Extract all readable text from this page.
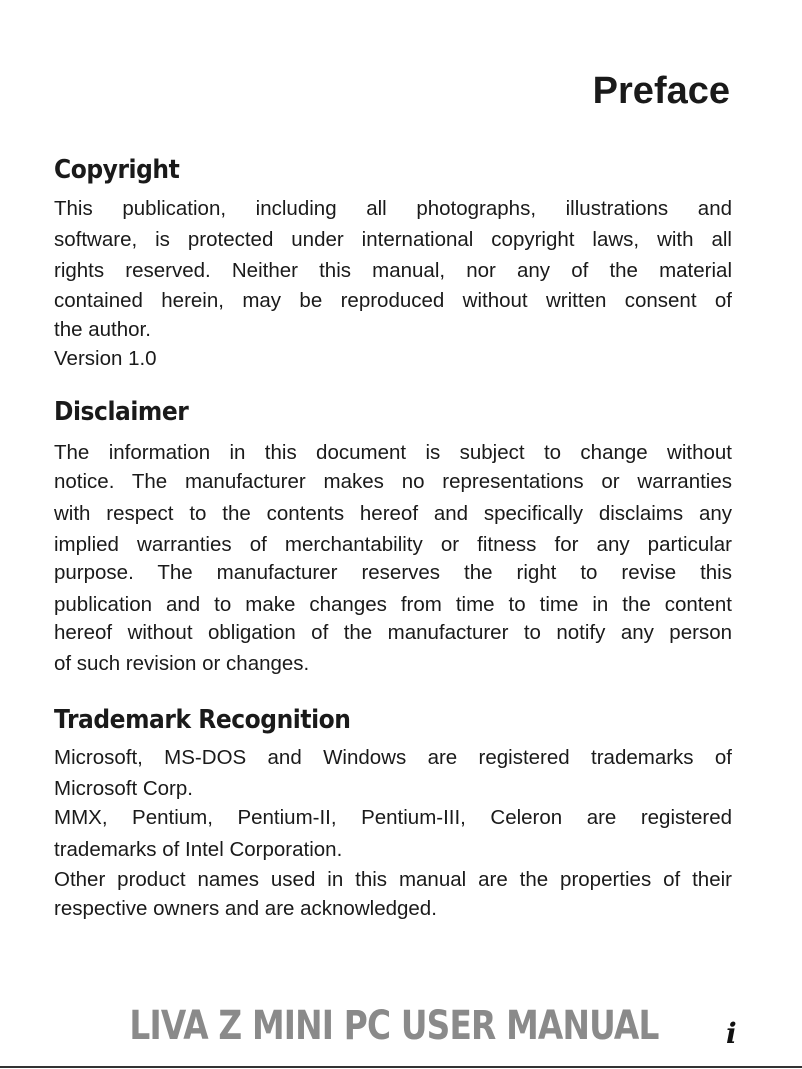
Preface
Copyright
This publication, including all photographs, illustrations and
software, is protected under international copyright laws, with all
rights reserved. Neither this manual, nor any of the material
contained herein, may be reproduced without written consent of
the author.
Version 1.0
Disclaimer
The information in this document is subject to change without
notice. The manufacturer makes no representations or warranties
with respect to the contents hereof and specifically disclaims any
implied warranties of merchantability or fitness for any particular
purpose. The manufacturer reserves the right to revise this
publication and to make changes from time to time in the content
hereof without obligation of the manufacturer to notify any person
of such revision or changes.
Trademark Recognition
Microsoft, MS-DOS and Windows are registered trademarks of
Microsoft Corp.
MMX, Pentium, Pentium-II, Pentium-III, Celeron are registered
trademarks of Intel Corporation.
Other product names used in this manual are the properties of their
respective owners and are acknowledged.
LIVA Z MINI PC USER MANUAL	i
